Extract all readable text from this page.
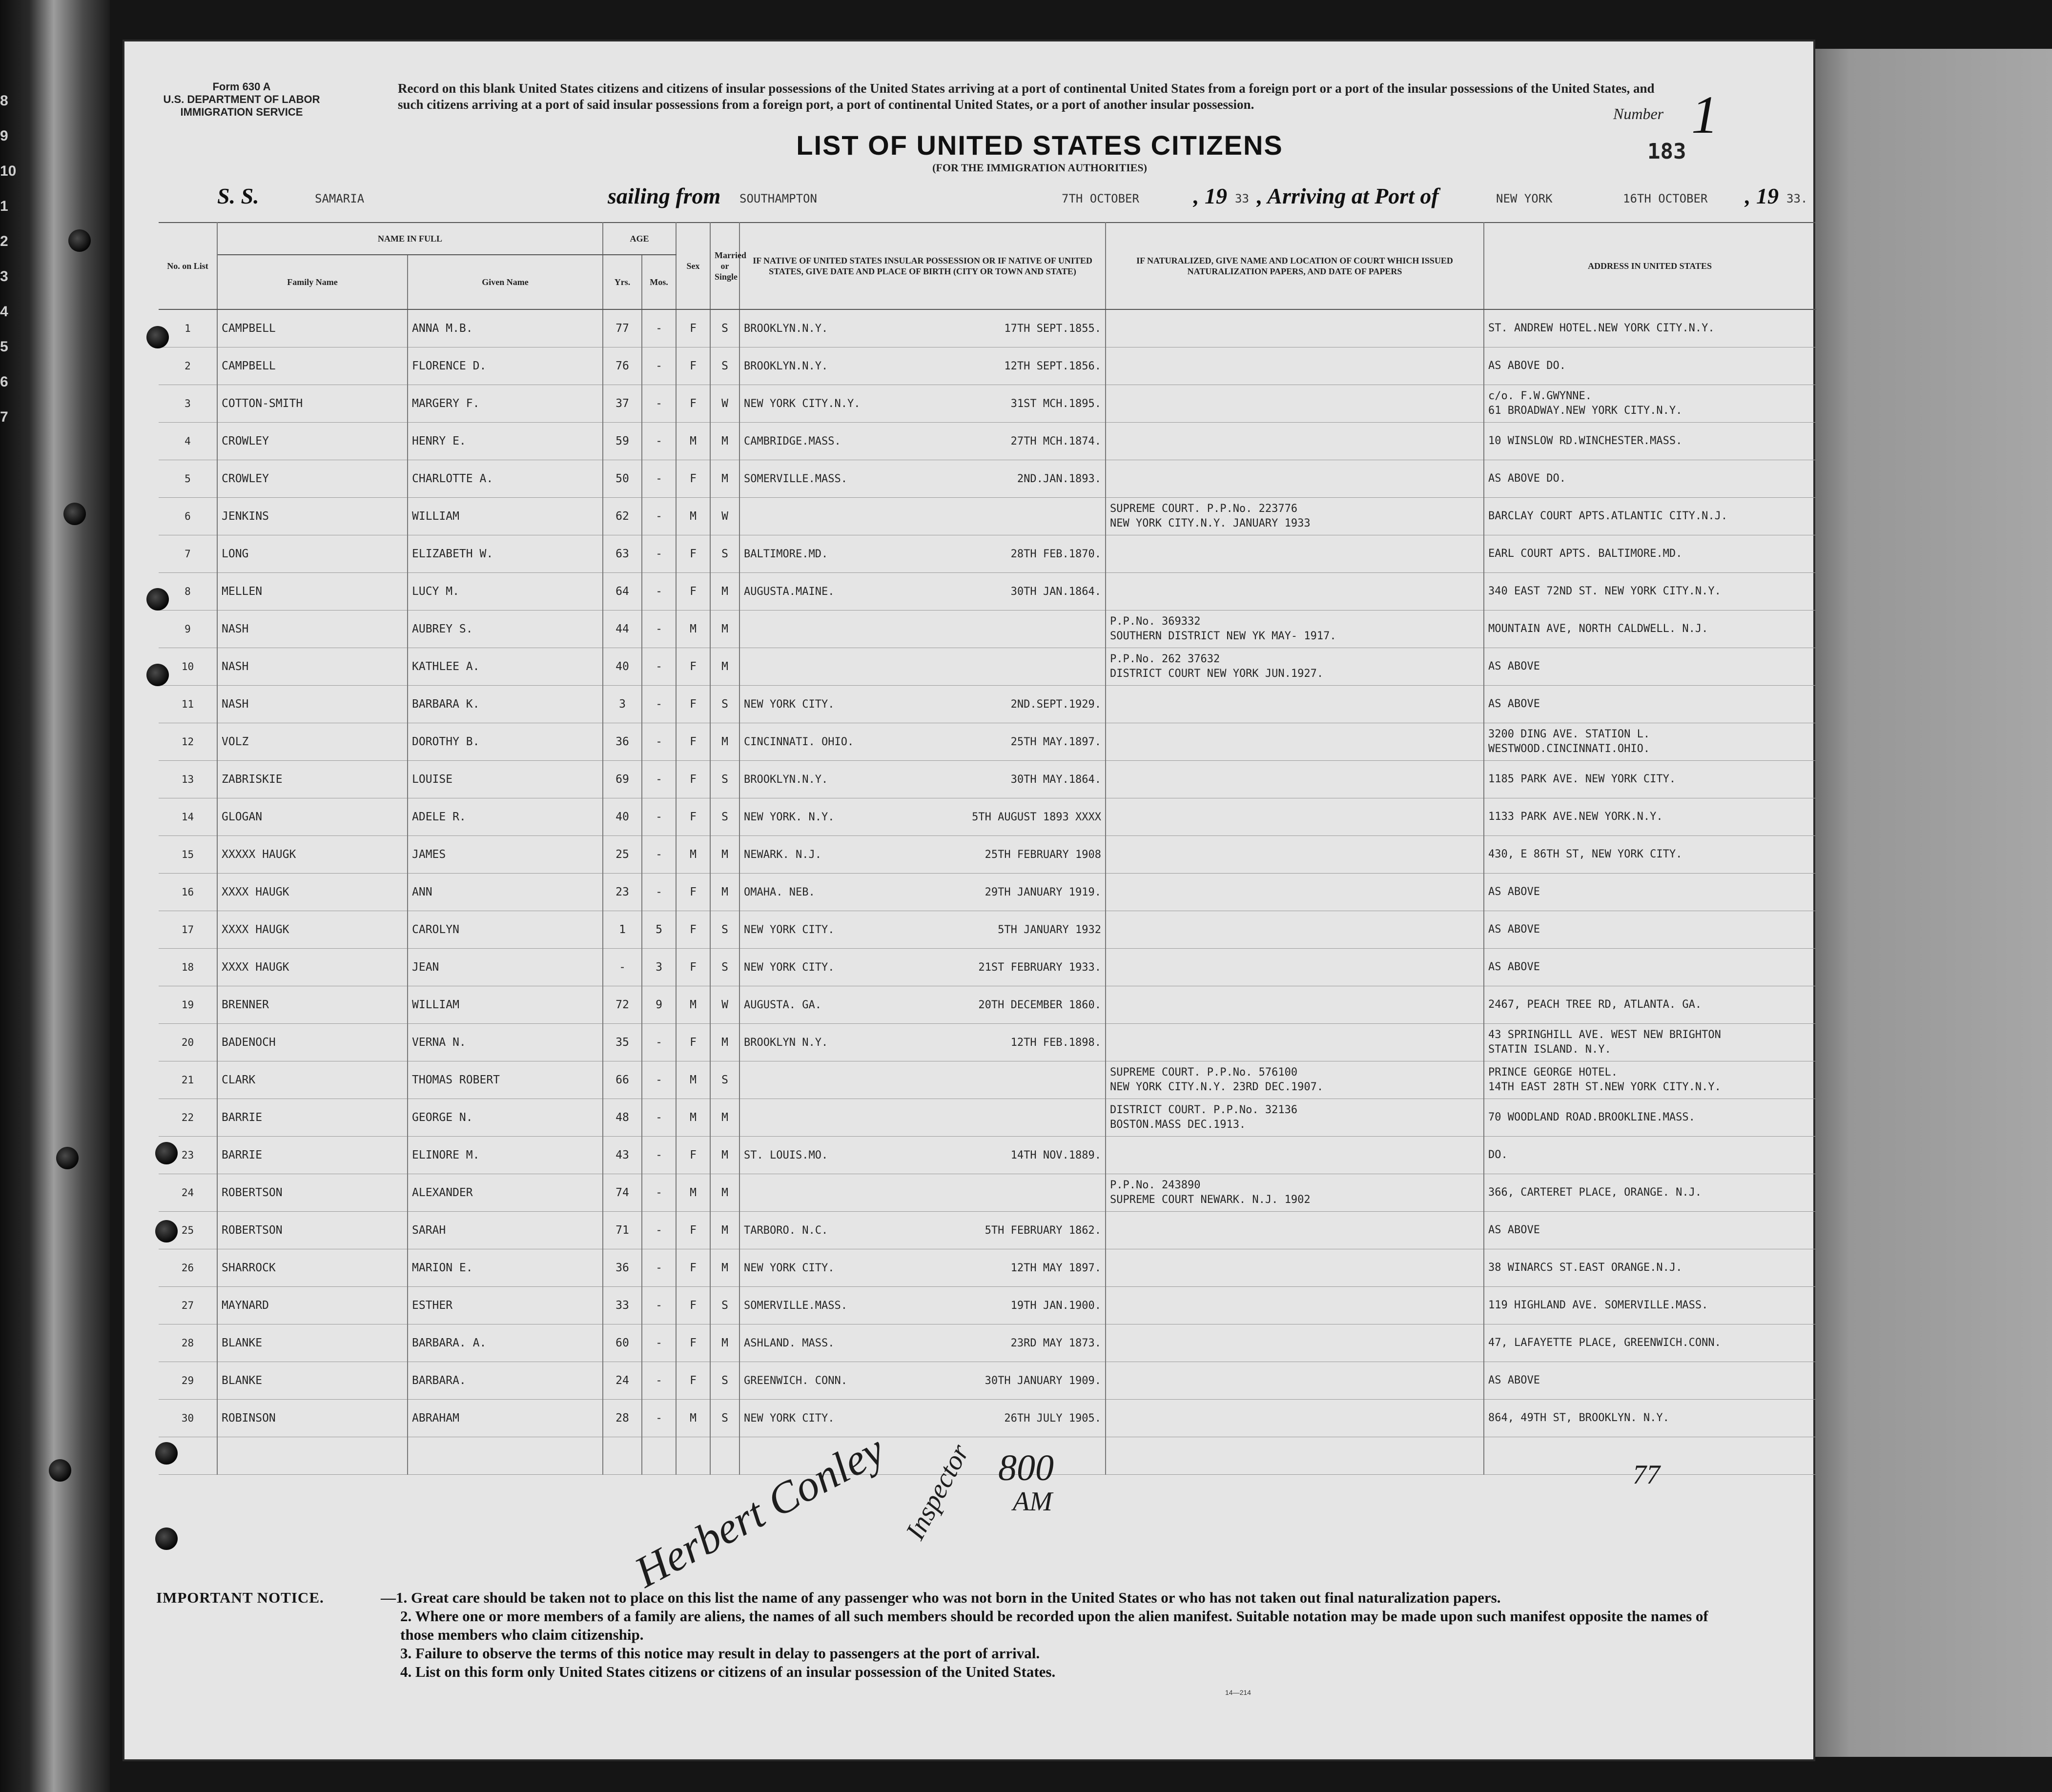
8
9
10
1
2
3
4
5
6
7
Form 630 A
U.S. DEPARTMENT OF LABOR
IMMIGRATION SERVICE
Record on this blank United States citizens and citizens of insular possessions of the United States arriving at a port of continental United States from a foreign port or a port of the insular possessions of the United States, and such citizens arriving at a port of said insular possessions from a foreign port, a port of continental United States, or a port of another insular possession.
Number 1
183
LIST OF UNITED STATES CITIZENS
(FOR THE IMMIGRATION AUTHORITIES)
S. S.	SAMARIA	sailing from SOUTHAMPTON	7TH OCTOBER , 19 33 , Arriving at Port of	NEW YORK	16TH OCTOBER , 19 33.
No. on List	NAME IN FULL		AGE		Sex	Married or Single	IF NATIVE OF UNITED STATES INSULAR POSSESSION OR IF NATIVE OF UNITED STATES, GIVE DATE AND PLACE OF BIRTH (CITY OR TOWN AND STATE)	IF NATURALIZED, GIVE NAME AND LOCATION OF COURT WHICH ISSUED NATURALIZATION PAPERS, AND DATE OF PAPERS	ADDRESS IN UNITED STATES
	Family Name	Given Name	Yrs.	Mos.					
1	CAMPBELL	ANNA M.B.	77	-	F	S	BROOKLYN.N.Y. 17TH SEPT.1855.		ST. ANDREW HOTEL.NEW YORK CITY.N.Y.
2	CAMPBELL	FLORENCE D.	76	-	F	S	BROOKLYN.N.Y. 12TH SEPT.1856.		AS ABOVE DO.
3	COTTON-SMITH	MARGERY F.	37	-	F	W	NEW YORK CITY.N.Y. 31ST MCH.1895.		c/o. F.W.GWYNNE.
61 BROADWAY.NEW YORK CITY.N.Y.
4	CROWLEY	HENRY E.	59	-	M	M	CAMBRIDGE.MASS. 27TH MCH.1874.		10 WINSLOW RD.WINCHESTER.MASS.
5	CROWLEY	CHARLOTTE A.	50	-	F	M	SOMERVILLE.MASS. 2ND.JAN.1893.		AS ABOVE DO.
6	JENKINS	WILLIAM	62	-	M	W		SUPREME COURT. P.P.No. 223776
NEW YORK CITY.N.Y. JANUARY 1933	BARCLAY COURT APTS.ATLANTIC CITY.N.J.
7	LONG	ELIZABETH W.	63	-	F	S	BALTIMORE.MD. 28TH FEB.1870.		EARL COURT APTS. BALTIMORE.MD.
8	MELLEN	LUCY M.	64	-	F	M	AUGUSTA.MAINE. 30TH JAN.1864.		340 EAST 72ND ST. NEW YORK CITY.N.Y.
9	NASH	AUBREY S.	44	-	M	M		P.P.No. 369332
SOUTHERN DISTRICT NEW YK MAY- 1917.	MOUNTAIN AVE, NORTH CALDWELL. N.J.
10	NASH	KATHLEE A.	40	-	F	M		P.P.No. 262 37632
DISTRICT COURT NEW YORK JUN.1927.	AS ABOVE
11	NASH	BARBARA K.	3	-	F	S	NEW YORK CITY. 2ND.SEPT.1929.		AS ABOVE
12	VOLZ	DOROTHY B.	36	-	F	M	CINCINNATI. OHIO. 25TH MAY.1897.		3200 DING AVE. STATION L.
WESTWOOD.CINCINNATI.OHIO.
13	ZABRISKIE	LOUISE	69	-	F	S	BROOKLYN.N.Y. 30TH MAY.1864.		1185 PARK AVE. NEW YORK CITY.
14	GLOGAN	ADELE R.	40	-	F	S	NEW YORK. N.Y. 5TH AUGUST 1893 XXXX		1133 PARK AVE.NEW YORK.N.Y.
15	XXXXX HAUGK	JAMES	25	-	M	M	NEWARK. N.J. 25TH FEBRUARY 1908		430, E 86TH ST, NEW YORK CITY.
16	XXXX HAUGK	ANN	23	-	F	M	OMAHA. NEB. 29TH JANUARY 1919.		AS ABOVE
17	XXXX HAUGK	CAROLYN	1	5	F	S	NEW YORK CITY. 5TH JANUARY 1932		AS ABOVE
18	XXXX HAUGK	JEAN	-	3	F	S	NEW YORK CITY. 21ST FEBRUARY 1933.		AS ABOVE
19	BRENNER	WILLIAM	72	9	M	W	AUGUSTA. GA. 20TH DECEMBER 1860.		2467, PEACH TREE RD, ATLANTA. GA.
20	BADENOCH	VERNA N.	35	-	F	M	BROOKLYN N.Y. 12TH FEB.1898.		43 SPRINGHILL AVE. WEST NEW BRIGHTON
STATIN ISLAND. N.Y.
21	CLARK	THOMAS ROBERT	66	-	M	S		SUPREME COURT. P.P.No. 576100
NEW YORK CITY.N.Y. 23RD DEC.1907.	PRINCE GEORGE HOTEL.
14TH EAST 28TH ST.NEW YORK CITY.N.Y.
22	BARRIE	GEORGE N.	48	-	M	M		DISTRICT COURT. P.P.No. 32136
BOSTON.MASS DEC.1913.	70 WOODLAND ROAD.BROOKLINE.MASS.
23	BARRIE	ELINORE M.	43	-	F	M	ST. LOUIS.MO. 14TH NOV.1889.		DO.
24	ROBERTSON	ALEXANDER	74	-	M	M		P.P.No. 243890
SUPREME COURT NEWARK. N.J. 1902	366, CARTERET PLACE, ORANGE. N.J.
25	ROBERTSON	SARAH	71	-	F	M	TARBORO. N.C. 5TH FEBRUARY 1862.		AS ABOVE
26	SHARROCK	MARION E.	36	-	F	M	NEW YORK CITY. 12TH MAY 1897.		38 WINARCS ST.EAST ORANGE.N.J.
27	MAYNARD	ESTHER	33	-	F	S	SOMERVILLE.MASS. 19TH JAN.1900.		119 HIGHLAND AVE. SOMERVILLE.MASS.
28	BLANKE	BARBARA. A.	60	-	F	M	ASHLAND. MASS. 23RD MAY 1873.		47, LAFAYETTE PLACE, GREENWICH.CONN.
29	BLANKE	BARBARA.	24	-	F	S	GREENWICH. CONN. 30TH JANUARY 1909.		AS ABOVE
30	ROBINSON	ABRAHAM	28	-	M	S	NEW YORK CITY. 26TH JULY 1905.		864, 49TH ST, BROOKLYN. N.Y.

Herbert Conley Inspector 800
AM
77
IMPORTANT NOTICE.	—1. Great care should be taken not to place on this list the name of any passenger who was not born in the United States or who has not taken out final naturalization papers.
2. Where one or more members of a family are aliens, the names of all such members should be recorded upon the alien manifest. Suitable notation may be made upon such manifest opposite the names of those members who claim citizenship.
3. Failure to observe the terms of this notice may result in delay to passengers at the port of arrival.
4. List on this form only United States citizens or citizens of an insular possession of the United States.
14—214
